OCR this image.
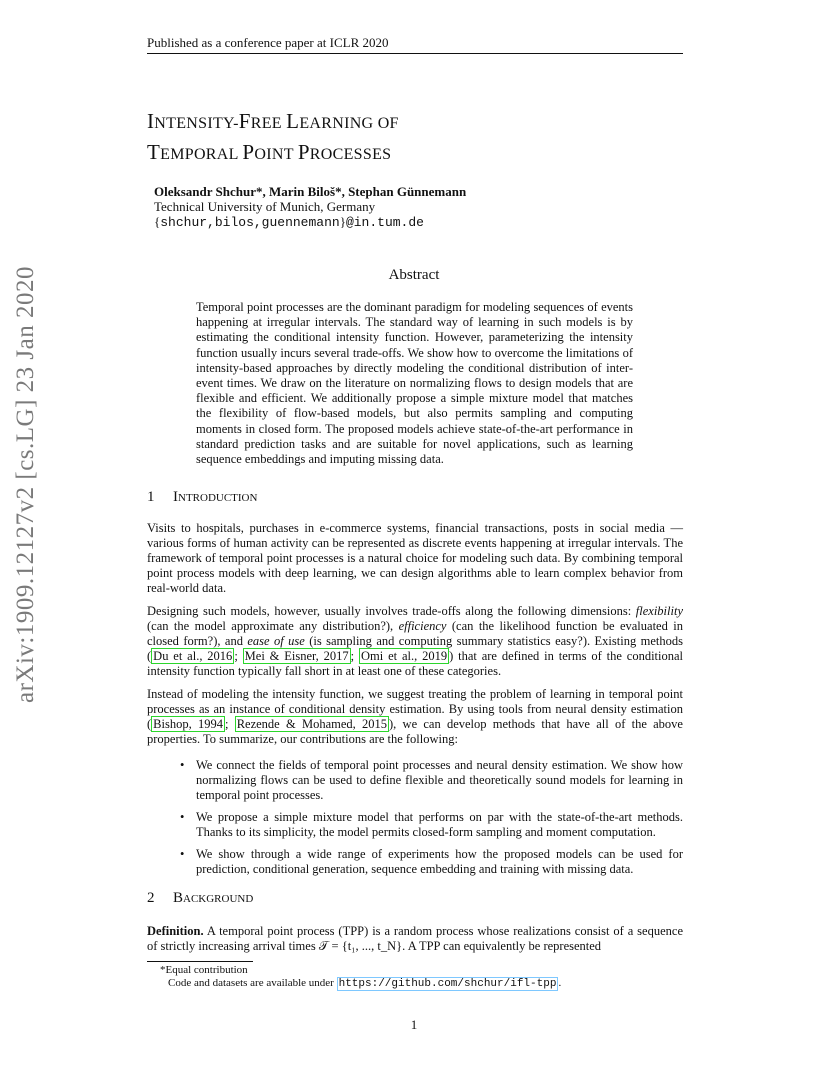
Published as a conference paper at ICLR 2020
arXiv:1909.12127v2 [cs.LG] 23 Jan 2020
INTENSITY-FREE LEARNING OF
TEMPORAL POINT PROCESSES
Oleksandr Shchur*, Marin Biloš*, Stephan Günnemann
Technical University of Munich, Germany
{shchur,bilos,guennemann}@in.tum.de
Abstract
Temporal point processes are the dominant paradigm for modeling sequences of events happening at irregular intervals. The standard way of learning in such models is by estimating the conditional intensity function. However, parameterizing the intensity function usually incurs several trade-offs. We show how to overcome the limitations of intensity-based approaches by directly modeling the conditional distribution of inter-event times. We draw on the literature on normalizing flows to design models that are flexible and efficient. We additionally propose a simple mixture model that matches the flexibility of flow-based models, but also permits sampling and computing moments in closed form. The proposed models achieve state-of-the-art performance in standard prediction tasks and are suitable for novel applications, such as learning sequence embeddings and imputing missing data.
1 Introduction
Visits to hospitals, purchases in e-commerce systems, financial transactions, posts in social media — various forms of human activity can be represented as discrete events happening at irregular intervals. The framework of temporal point processes is a natural choice for modeling such data. By combining temporal point process models with deep learning, we can design algorithms able to learn complex behavior from real-world data.
Designing such models, however, usually involves trade-offs along the following dimensions: flexibility (can the model approximate any distribution?), efficiency (can the likelihood function be evaluated in closed form?), and ease of use (is sampling and computing summary statistics easy?). Existing methods ( Du et al., 2016 ; Mei & Eisner, 2017 ; Omi et al., 2019 ) that are defined in terms of the conditional intensity function typically fall short in at least one of these categories.
Instead of modeling the intensity function, we suggest treating the problem of learning in temporal point processes as an instance of conditional density estimation. By using tools from neural density estimation ( Bishop, 1994 ; Rezende & Mohamed, 2015 ), we can develop methods that have all of the above properties. To summarize, our contributions are the following:
• We connect the fields of temporal point processes and neural density estimation. We show how normalizing flows can be used to define flexible and theoretically sound models for learning in temporal point processes.
• We propose a simple mixture model that performs on par with the state-of-the-art methods. Thanks to its simplicity, the model permits closed-form sampling and moment computation.
• We show through a wide range of experiments how the proposed models can be used for prediction, conditional generation, sequence embedding and training with missing data.
2 Background
Definition. A temporal point process (TPP) is a random process whose realizations consist of a sequence of strictly increasing arrival times 𝒯 = {t₁, ..., t_N}. A TPP can equivalently be represented
*Equal contribution
Code and datasets are available under https://github.com/shchur/ifl-tpp .
1
